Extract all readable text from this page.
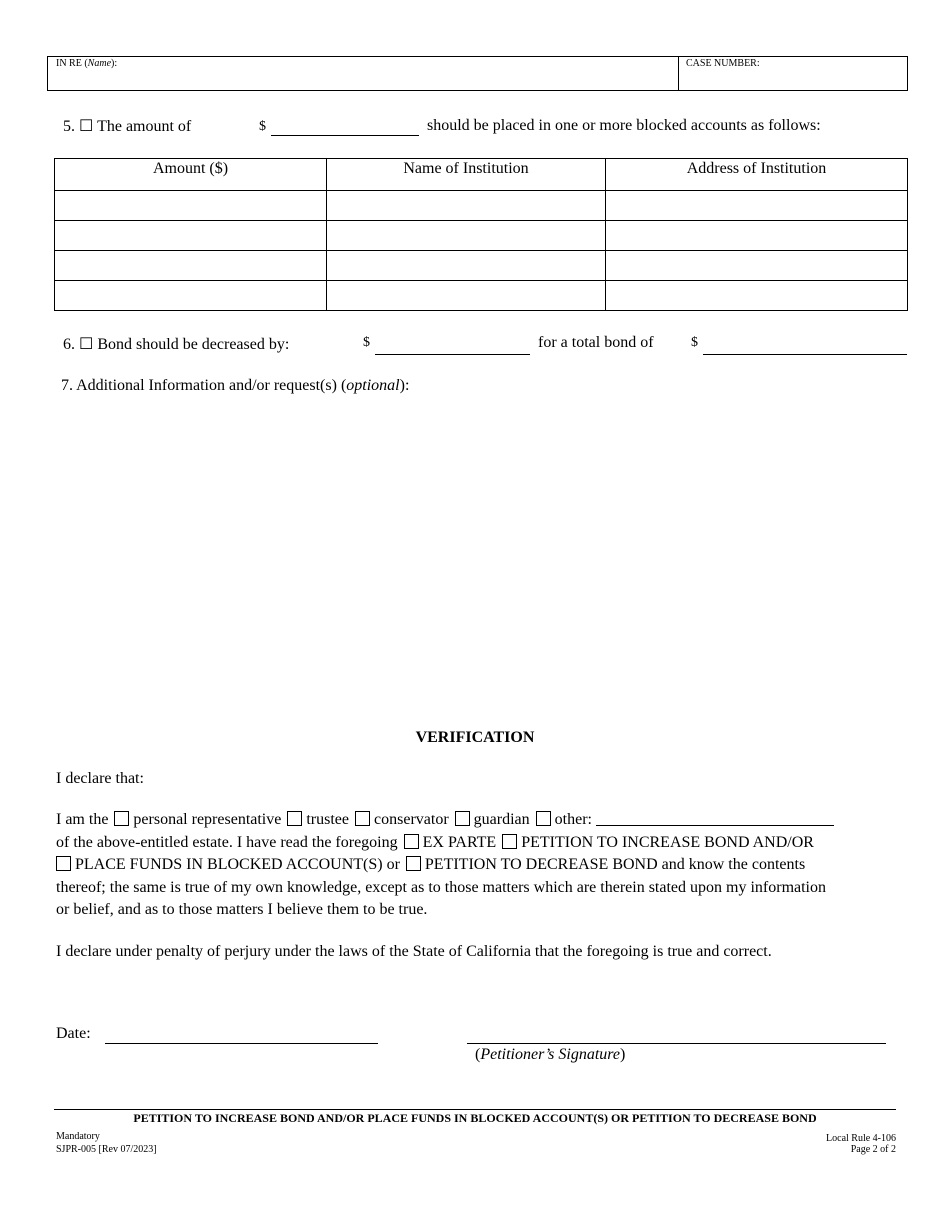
IN RE (Name):	CASE NUMBER:
5. ☐ The amount of	$	should be placed in one or more blocked accounts as follows:
Amount ($)	Name of Institution	Address of Institution

6. ☐ Bond should be decreased by:	$	for a total bond of	$
7. Additional Information and/or request(s) (optional):
VERIFICATION
I declare that:
I am the personal representative trustee conservator guardian other:
of the above-entitled estate. I have read the foregoing EX PARTE PETITION TO INCREASE BOND AND/OR
PLACE FUNDS IN BLOCKED ACCOUNT(S) or PETITION TO DECREASE BOND and know the contents
thereof; the same is true of my own knowledge, except as to those matters which are therein stated upon my information
or belief, and as to those matters I believe them to be true.
I declare under penalty of perjury under the laws of the State of California that the foregoing is true and correct.
Date:
(Petitioner’s Signature)
PETITION TO INCREASE BOND AND/OR PLACE FUNDS IN BLOCKED ACCOUNT(S) OR PETITION TO DECREASE BOND
Mandatory
SJPR-005 [Rev 07/2023]
Local Rule 4-106
Page 2 of 2
